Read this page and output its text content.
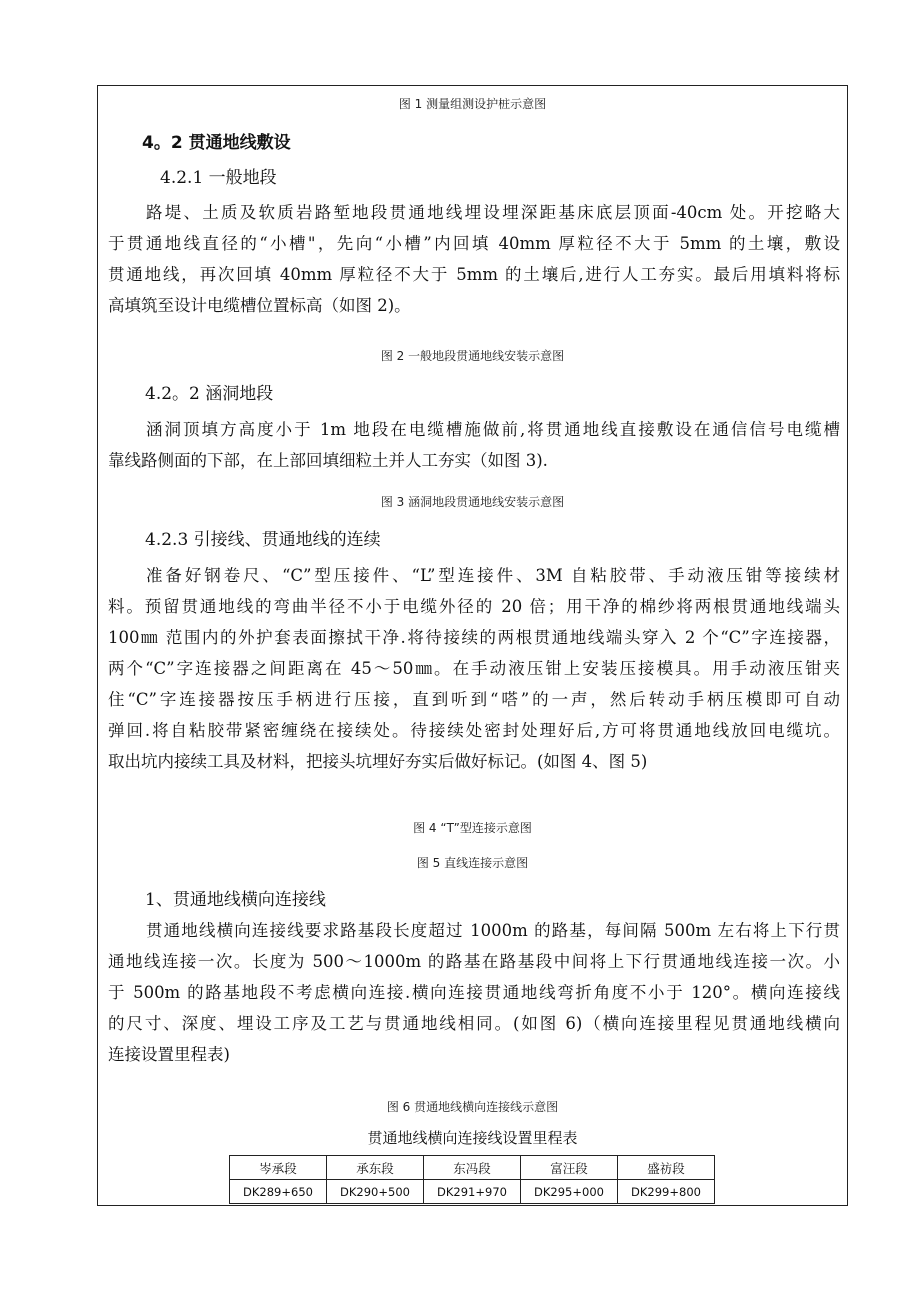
图 1 测量组测设护桩示意图
4。2 贯通地线敷设
4.2.1 一般地段
路堤、土质及软质岩路堑地段贯通地线埋设埋深距基床底层顶面-40cm 处。开挖略大
于贯通地线直径的“小槽"，先向“小槽”内回填 40mm 厚粒径不大于 5mm 的土壤，敷设
贯通地线，再次回填 40mm 厚粒径不大于 5mm 的土壤后,进行人工夯实。最后用填料将标
高填筑至设计电缆槽位置标高（如图 2)。
图 2 一般地段贯通地线安装示意图
4.2。2 涵洞地段
涵洞顶填方高度小于 1m 地段在电缆槽施做前,将贯通地线直接敷设在通信信号电缆槽
靠线路侧面的下部，在上部回填细粒土并人工夯实（如图 3).
图 3 涵洞地段贯通地线安装示意图
4.2.3 引接线、贯通地线的连续
准备好钢卷尺、“C”型压接件、“L”型连接件、3M 自粘胶带、手动液压钳等接续材
料。预留贯通地线的弯曲半径不小于电缆外径的 20 倍；用干净的棉纱将两根贯通地线端头
100㎜ 范围内的外护套表面擦拭干净.将待接续的两根贯通地线端头穿入 2 个“C”字连接器，
两个“C”字连接器之间距离在 45～50㎜。在手动液压钳上安装压接模具。用手动液压钳夹
住“C”字连接器按压手柄进行压接，直到听到“嗒”的一声，然后转动手柄压模即可自动
弹回.将自粘胶带紧密缠绕在接续处。待接续处密封处理好后,方可将贯通地线放回电缆坑。
取出坑内接续工具及材料，把接头坑埋好夯实后做好标记。(如图 4、图 5)
图 4 “T”型连接示意图
图 5 直线连接示意图
1、贯通地线横向连接线
贯通地线横向连接线要求路基段长度超过 1000m 的路基，每间隔 500m 左右将上下行贯
通地线连接一次。长度为 500～1000m 的路基在路基段中间将上下行贯通地线连接一次。小
于 500m 的路基地段不考虑横向连接.横向连接贯通地线弯折角度不小于 120°。横向连接线
的尺寸、深度、埋设工序及工艺与贯通地线相同。(如图 6)（横向连接里程见贯通地线横向
连接设置里程表)
图 6 贯通地线横向连接线示意图
贯通地线横向连接线设置里程表
岑承段	承东段	东冯段	富汪段	盛祊段
DK289+650	DK290+500	DK291+970	DK295+000	DK299+800
